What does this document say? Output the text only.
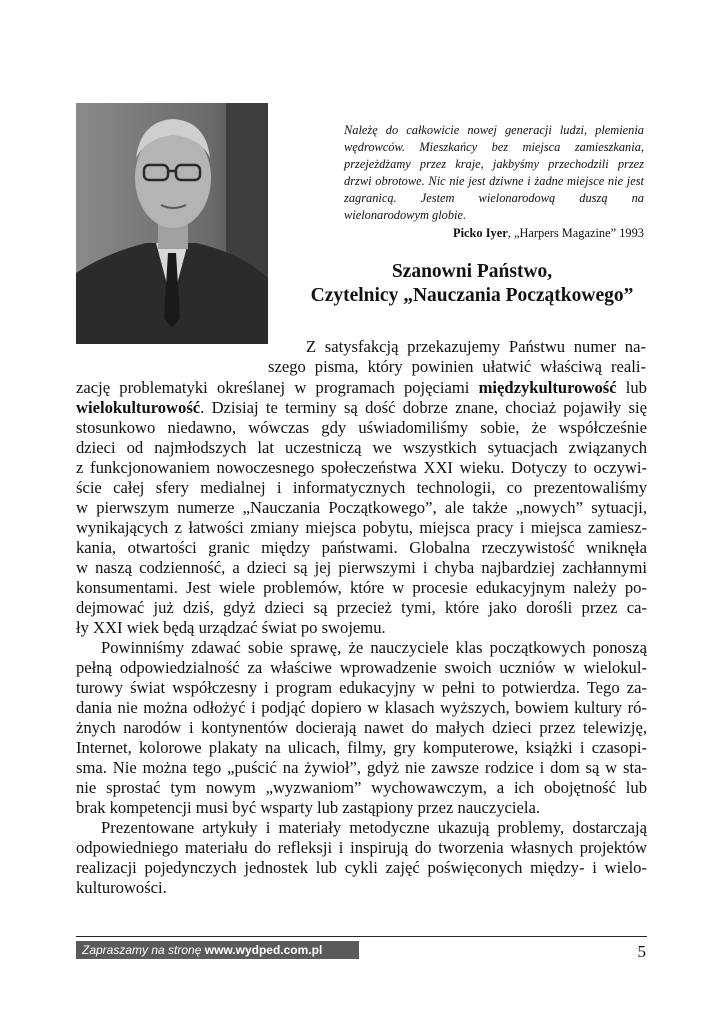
Należę do całkowicie nowej generacji ludzi, plemienia wędrowców. Mieszkańcy bez miejsca zamieszkania, przejeżdżamy przez kraje, jakbyśmy przechodzili przez drzwi obrotowe. Nic nie jest dziwne i żadne miejsce nie jest zagranicą. Jestem wielonarodową duszą na wielonarodowym globie.
Picko Iyer, „Harpers Magazine” 1993
Szanowni Państwo,
Czytelnicy „Nauczania Początkowego”
Z satysfakcją przekazujemy Państwu numer na-
szego pisma, który powinien ułatwić właściwą reali-
zację problematyki określanej w programach pojęciami międzykulturowość lub
wielokulturowość. Dzisiaj te terminy są dość dobrze znane, chociaż pojawiły się
stosunkowo niedawno, wówczas gdy uświadomiliśmy sobie, że współcześnie
dzieci od najmłodszych lat uczestniczą we wszystkich sytuacjach związanych
z funkcjonowaniem nowoczesnego społeczeństwa XXI wieku. Dotyczy to oczywi-
ście całej sfery medialnej i informatycznych technologii, co prezentowaliśmy
w pierwszym numerze „Nauczania Początkowego”, ale także „nowych” sytuacji,
wynikających z łatwości zmiany miejsca pobytu, miejsca pracy i miejsca zamiesz-
kania, otwartości granic między państwami. Globalna rzeczywistość wniknęła
w naszą codzienność, a dzieci są jej pierwszymi i chyba najbardziej zachłannymi
konsumentami. Jest wiele problemów, które w procesie edukacyjnym należy po-
dejmować już dziś, gdyż dzieci są przecież tymi, które jako dorośli przez ca-
ły XXI wiek będą urządzać świat po swojemu.
Powinniśmy zdawać sobie sprawę, że nauczyciele klas początkowych ponoszą
pełną odpowiedzialność za właściwe wprowadzenie swoich uczniów w wielokul-
turowy świat współczesny i program edukacyjny w pełni to potwierdza. Tego za-
dania nie można odłożyć i podjąć dopiero w klasach wyższych, bowiem kultury ró-
żnych narodów i kontynentów docierają nawet do małych dzieci przez telewizję,
Internet, kolorowe plakaty na ulicach, filmy, gry komputerowe, książki i czasopi-
sma. Nie można tego „puścić na żywioł”, gdyż nie zawsze rodzice i dom są w sta-
nie sprostać tym nowym „wyzwaniom” wychowawczym, a ich obojętność lub
brak kompetencji musi być wsparty lub zastąpiony przez nauczyciela.
Prezentowane artykuły i materiały metodyczne ukazują problemy, dostarczają
odpowiedniego materiału do refleksji i inspirują do tworzenia własnych projektów
realizacji pojedynczych jednostek lub cykli zajęć poświęconych między- i wielo-
kulturowości.
Zapraszamy na stronę www.wydped.com.pl	5
